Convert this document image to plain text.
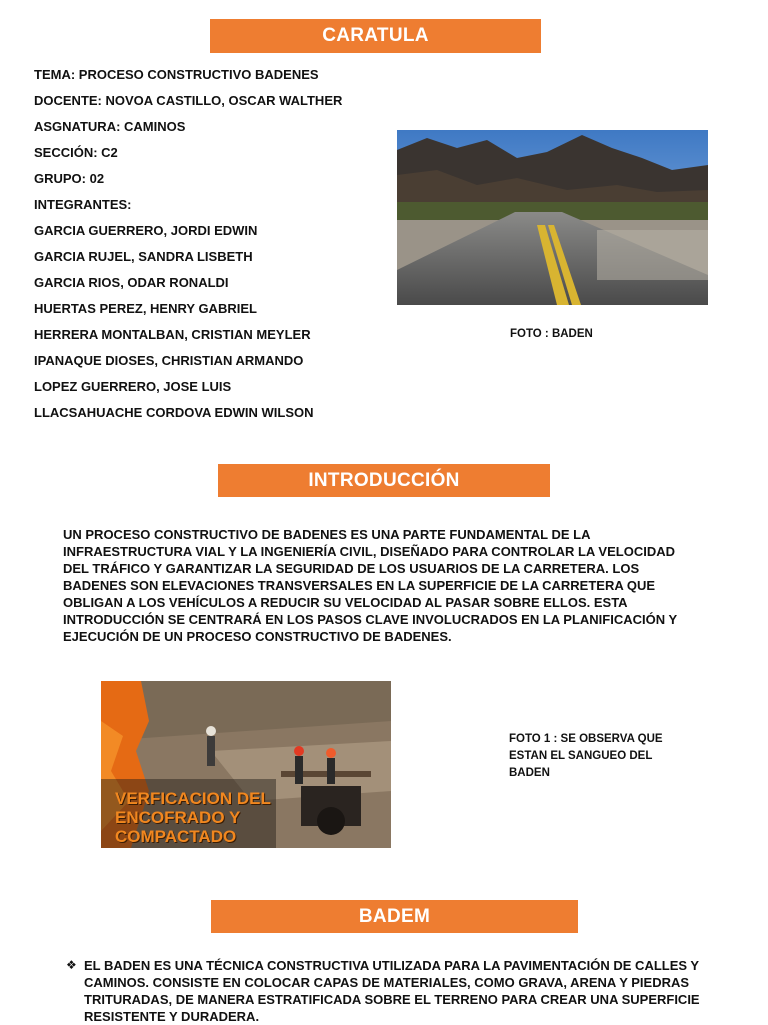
CARATULA
TEMA: PROCESO CONSTRUCTIVO BADENES
DOCENTE: NOVOA CASTILLO, OSCAR WALTHER
ASGNATURA: CAMINOS
SECCIÓN: C2
GRUPO: 02
INTEGRANTES:
GARCIA GUERRERO, JORDI EDWIN
GARCIA RUJEL, SANDRA LISBETH
GARCIA RIOS, ODAR RONALDI
HUERTAS PEREZ, HENRY GABRIEL
HERRERA MONTALBAN, CRISTIAN MEYLER
IPANAQUE DIOSES, CHRISTIAN ARMANDO
LOPEZ GUERRERO, JOSE LUIS
LLACSAHUACHE CORDOVA EDWIN WILSON
FOTO : BADEN
INTRODUCCIÓN

UN PROCESO CONSTRUCTIVO DE BADENES ES UNA PARTE FUNDAMENTAL DE LA INFRAESTRUCTURA VIAL Y LA INGENIERÍA CIVIL, DISEÑADO PARA CONTROLAR LA VELOCIDAD DEL TRÁFICO Y GARANTIZAR LA SEGURIDAD DE LOS USUARIOS DE LA CARRETERA. LOS BADENES SON ELEVACIONES TRANSVERSALES EN LA SUPERFICIE DE LA CARRETERA QUE OBLIGAN A LOS VEHÍCULOS A REDUCIR SU VELOCIDAD AL PASAR SOBRE ELLOS. ESTA INTRODUCCIÓN SE CENTRARÁ EN LOS PASOS CLAVE INVOLUCRADOS EN LA PLANIFICACIÓN Y EJECUCIÓN DE UN PROCESO CONSTRUCTIVO DE BADENES.

VERFICACION DEL
ENCOFRADO Y
COMPACTADO
FOTO 1 : SE OBSERVA QUE ESTAN EL SANGUEO DEL BADEN
BADEM
❖ EL BADEN ES UNA TÉCNICA CONSTRUCTIVA UTILIZADA PARA LA PAVIMENTACIÓN DE CALLES Y CAMINOS. CONSISTE EN COLOCAR CAPAS DE MATERIALES, COMO GRAVA, ARENA Y PIEDRAS TRITURADAS, DE MANERA ESTRATIFICADA SOBRE EL TERRENO PARA CREAR UNA SUPERFICIE RESISTENTE Y DURADERA.
